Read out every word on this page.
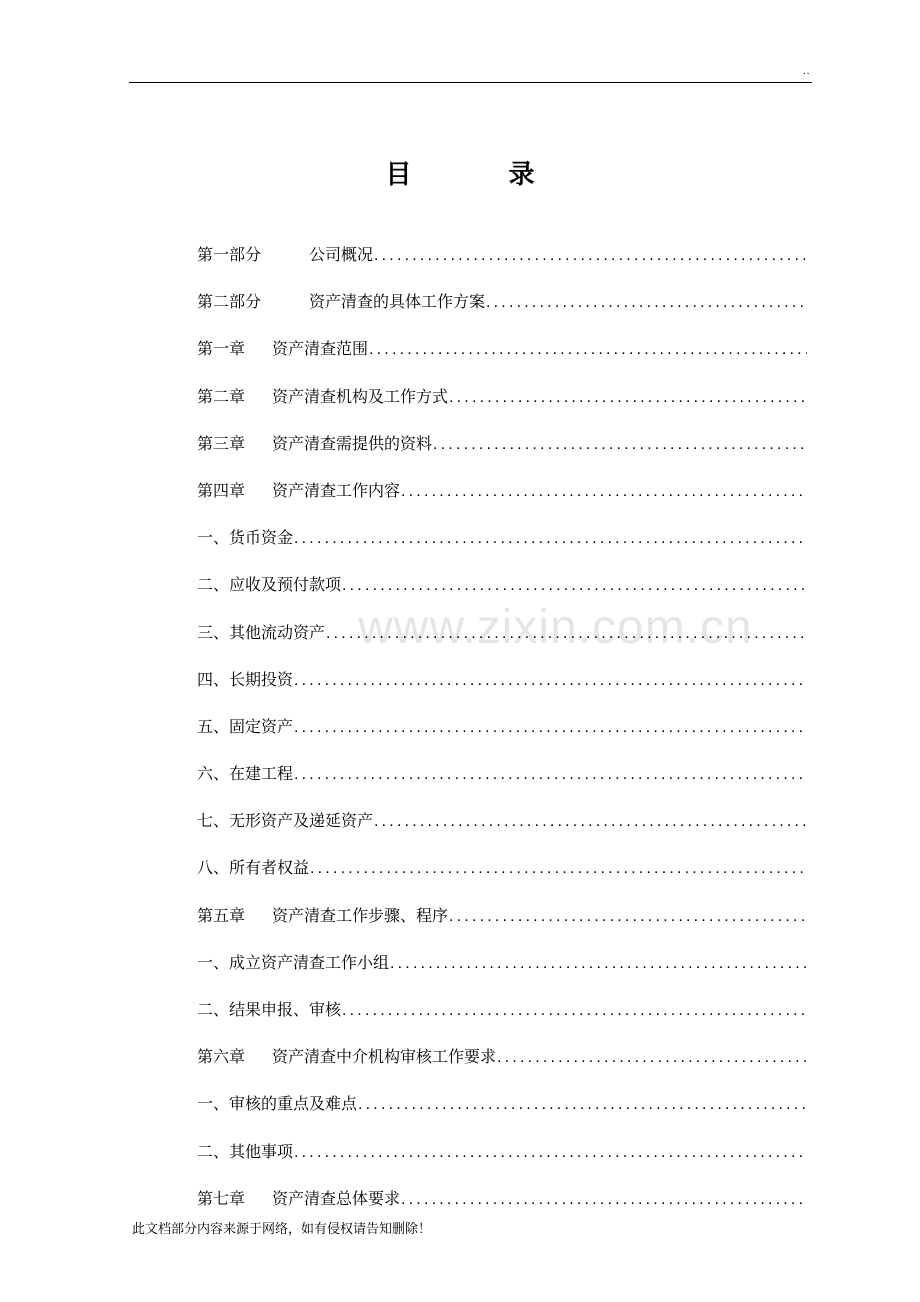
..
目 录
第一部分	公司概况
.....
第二部分	资产清查的具体工作方案
.....
第一章	资产清查范围
.....
第二章	资产清查机构及工作方式
.....
第三章	资产清查需提供的资料
.....
第四章	资产清查工作内容
.....
一、货币资金
.....
二、应收及预付款项
.....
三、其他流动资产
.....
四、长期投资
.....
五、固定资产
.....
六、在建工程
.....
七、无形资产及递延资产
.....
八、所有者权益
.....
第五章	资产清查工作步骤、程序
.....
一、成立资产清查工作小组
.....
二、结果申报、审核
.....
第六章	资产清查中介机构审核工作要求
.....
一、审核的重点及难点
.....
二、其他事项
.....
第七章	资产清查总体要求
.....
www.zixin.com.cn
此文档部分内容来源于网络，如有侵权请告知删除！
